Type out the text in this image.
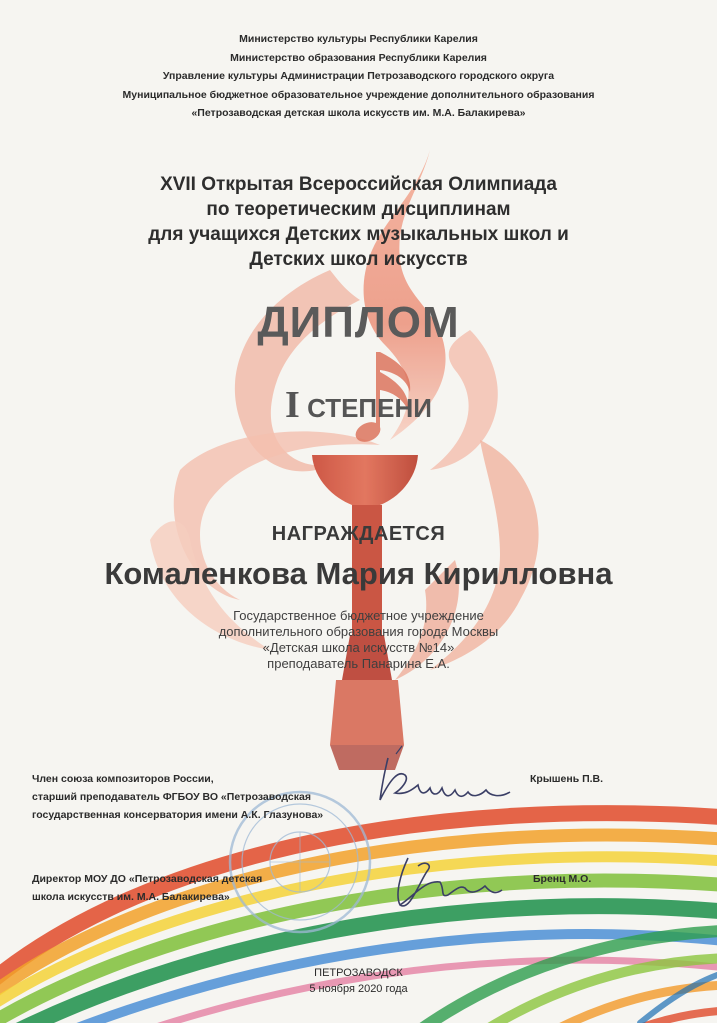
Министерство культуры Республики Карелия
Министерство образования Республики Карелия
Управление культуры Администрации Петрозаводского городского округа
Муниципальное бюджетное образовательное учреждение дополнительного образования
«Петрозаводская детская школа искусств им. М.А. Балакирева»
XVII Открытая Всероссийская Олимпиада
по теоретическим дисциплинам
для учащихся Детских музыкальных школ и
Детских школ искусств
ДИПЛОМ
I СТЕПЕНИ
НАГРАЖДАЕТСЯ
Комаленкова Мария Кирилловна
Государственное бюджетное учреждение
дополнительного образования города Москвы
«Детская школа искусств №14»
преподаватель Панарина Е.А.
Член союза композиторов России,
старший преподаватель ФГБОУ ВО «Петрозаводская
государственная консерватория имени А.К. Глазунова»
Крышень П.В.
Директор МОУ ДО «Петрозаводская детская
школа искусств им. М.А. Балакирева»
Бренц М.О.
ПЕТРОЗАВОДСК
5 ноября 2020 года
